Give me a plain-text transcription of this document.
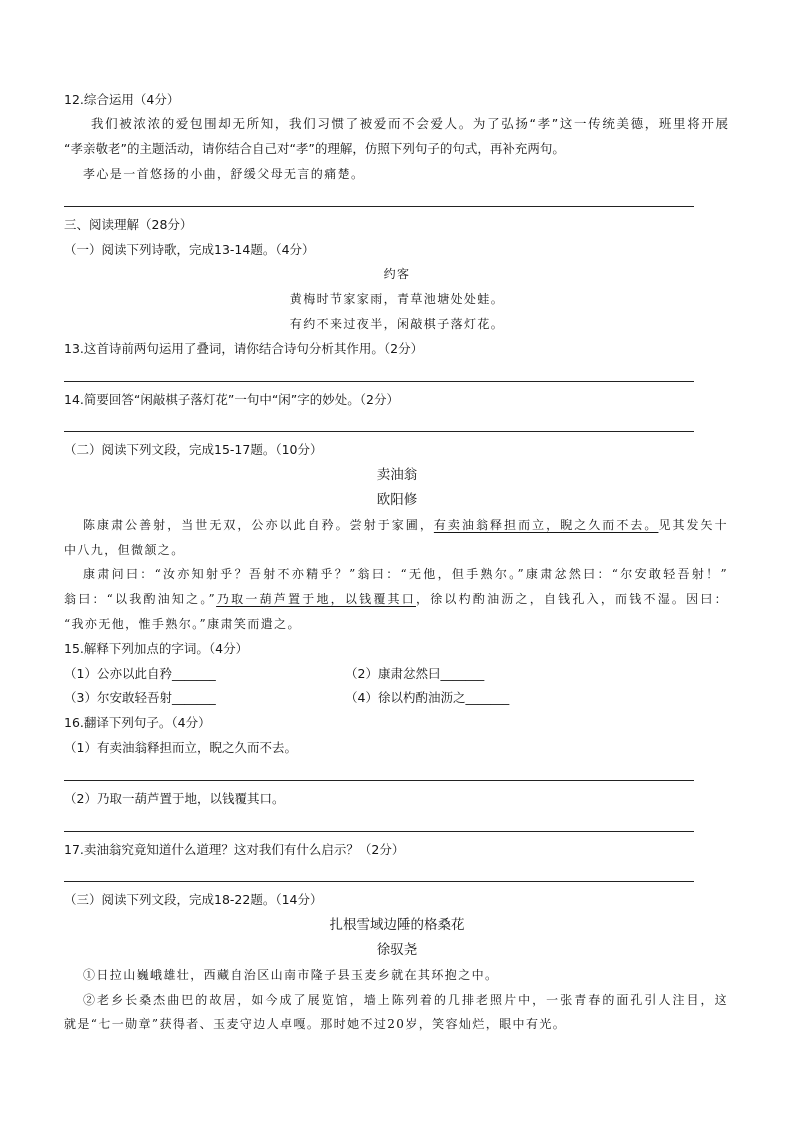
12.综合运用（4分）
我们被浓浓的爱包围却无所知，我们习惯了被爱而不会爱人。为了弘扬“孝”这一传统美德，班里将开展
“孝亲敬老”的主题活动，请你结合自己对“孝”的理解，仿照下列句子的句式，再补充两句。
孝心是一首悠扬的小曲，舒缓父母无言的痛楚。
三、阅读理解（28分）
（一）阅读下列诗歌，完成13-14题。（4分）
约客
黄梅时节家家雨，青草池塘处处蛙。
有约不来过夜半，闲敲棋子落灯花。
13.这首诗前两句运用了叠词，请你结合诗句分析其作用。（2分）
14.简要回答“闲敲棋子落灯花”一句中“闲”字的妙处。（2分）
（二）阅读下列文段，完成15-17题。（10分）
卖油翁
欧阳修
陈康肃公善射，当世无双，公亦以此自矜。尝射于家圃，有卖油翁释担而立，睨之久而不去。见其发矢十
中八九，但微颔之。
康肃问曰：“汝亦知射乎？吾射不亦精乎？”翁曰：“无他，但手熟尔。”康肃忿然曰：“尔安敢轻吾射！”
翁曰：“以我酌油知之。”乃取一葫芦置于地，以钱覆其口，徐以杓酌油沥之，自钱孔入，而钱不湿。因曰：
“我亦无他，惟手熟尔。”康肃笑而遣之。
15.解释下列加点的字词。（4分）
（1）公亦以此自矜_______	（2）康肃忿然曰_______
（3）尔安敢轻吾射_______	（4）徐以杓酌油沥之_______
16.翻译下列句子。（4分）
（1）有卖油翁释担而立，睨之久而不去。
（2）乃取一葫芦置于地，以钱覆其口。
17.卖油翁究竟知道什么道理？这对我们有什么启示？（2分）
（三）阅读下列文段，完成18-22题。（14分）
扎根雪域边陲的格桑花
徐驭尧
①日拉山巍峨雄壮，西藏自治区山南市隆子县玉麦乡就在其环抱之中。
②老乡长桑杰曲巴的故居，如今成了展览馆，墙上陈列着的几排老照片中，一张青春的面孔引人注目，这
就是“七一勋章”获得者、玉麦守边人卓嘎。那时她不过20岁，笑容灿烂，眼中有光。
